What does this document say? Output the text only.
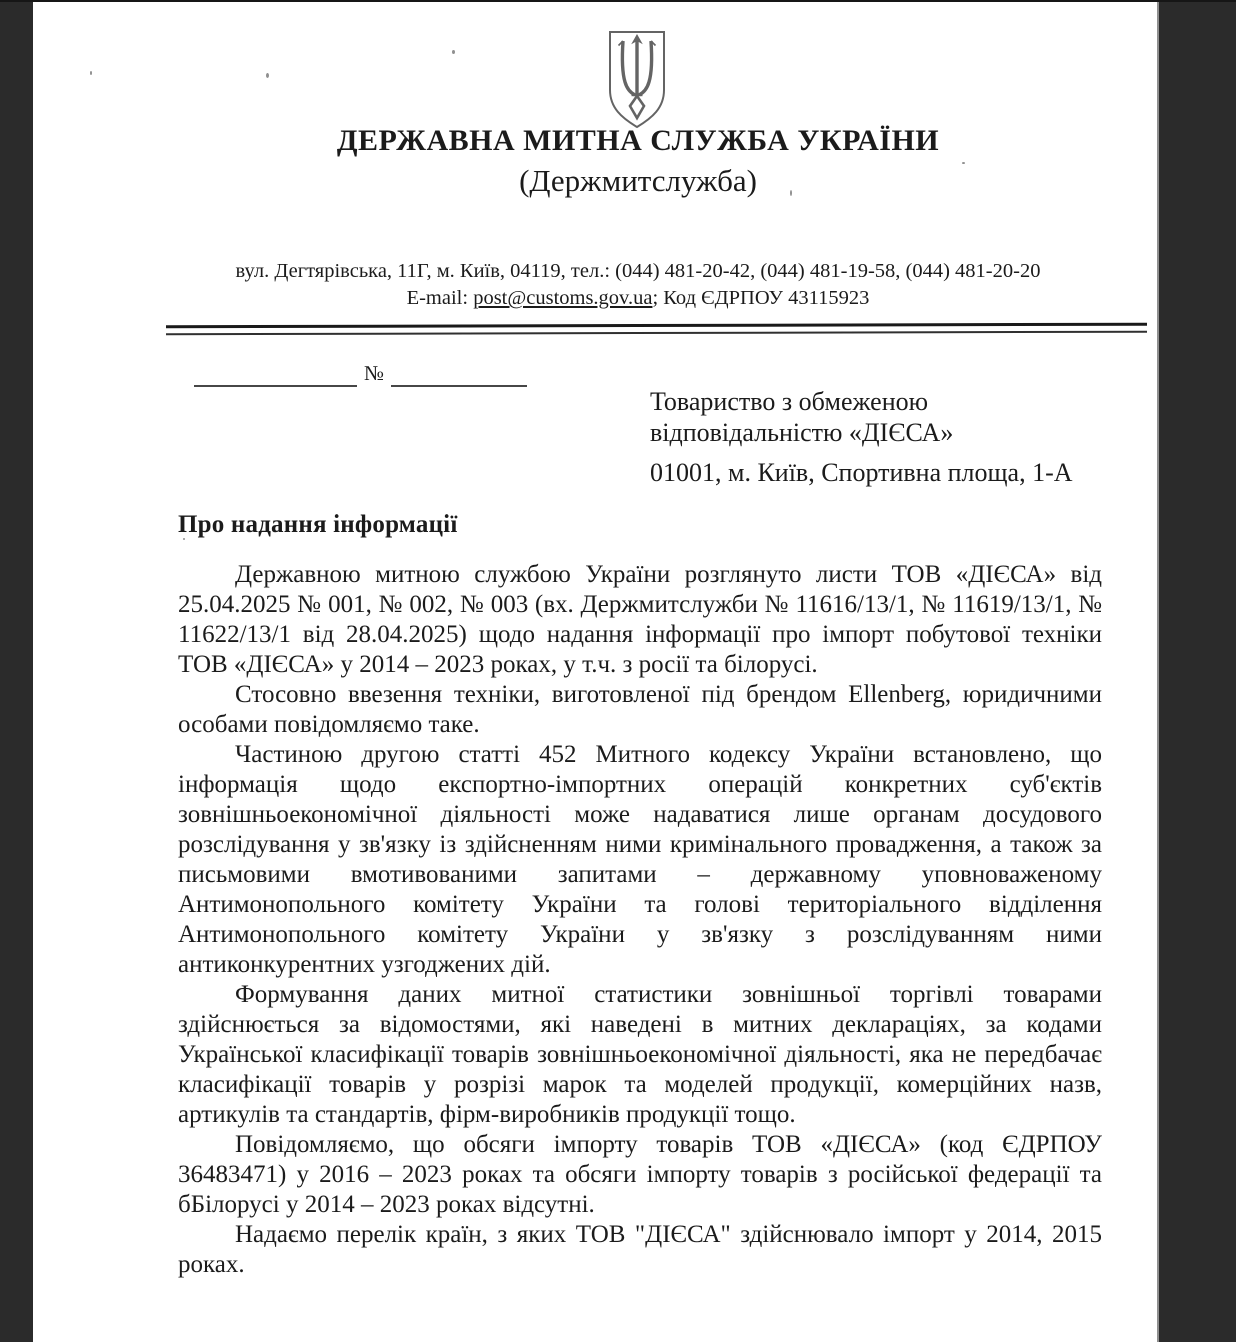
ДЕРЖАВНА МИТНА СЛУЖБА УКРАЇНИ
(Держмитслужба)
вул. Дегтярівська, 11Г, м. Київ, 04119, тел.: (044) 481-20-42, (044) 481-19-58, (044) 481-20-20
E-mail: post@customs.gov.ua; Код ЄДРПОУ 43115923
№
Товариство з обмеженою
відповідальністю «ДІЄСА»
01001, м. Київ, Спортивна площа, 1-А
Про надання інформації

Державною митною службою України розглянуто листи ТОВ «ДІЄСА» від 25.04.2025 № 001, № 002, № 003 (вх. Держмитслужби № 11616/13/1, № 11619/13/1, № 11622/13/1 від 28.04.2025) щодо надання інформації про імпорт побутової техніки ТОВ «ДІЄСА» у 2014 – 2023 роках, у т.ч. з росії та білорусі.

Стосовно ввезення техніки, виготовленої під брендом Ellenberg, юридичними особами повідомляємо таке.

Частиною другою статті 452 Митного кодексу України встановлено, що інформація щодо експортно-імпортних операцій конкретних суб'єктів зовнішньоекономічної діяльності може надаватися лише органам досудового розслідування у зв'язку із здійсненням ними кримінального провадження, а також за письмовими вмотивованими запитами – державному уповноваженому Антимонопольного комітету України та голові територіального відділення Антимонопольного комітету України у зв'язку з розслідуванням ними антиконкурентних узгоджених дій.

Формування даних митної статистики зовнішньої торгівлі товарами здійснюється за відомостями, які наведені в митних деклараціях, за кодами Української класифікації товарів зовнішньоекономічної діяльності, яка не передбачає класифікації товарів у розрізі марок та моделей продукції, комерційних назв, артикулів та стандартів, фірм-виробників продукції тощо.

Повідомляємо, що обсяги імпорту товарів ТОВ «ДІЄСА» (код ЄДРПОУ 36483471) у 2016 – 2023 роках та обсяги імпорту товарів з російської федерації та бБілорусі у 2014 – 2023 роках відсутні.

Надаємо перелік країн, з яких ТОВ "ДІЄСА" здійснювало імпорт у 2014, 2015 роках.
